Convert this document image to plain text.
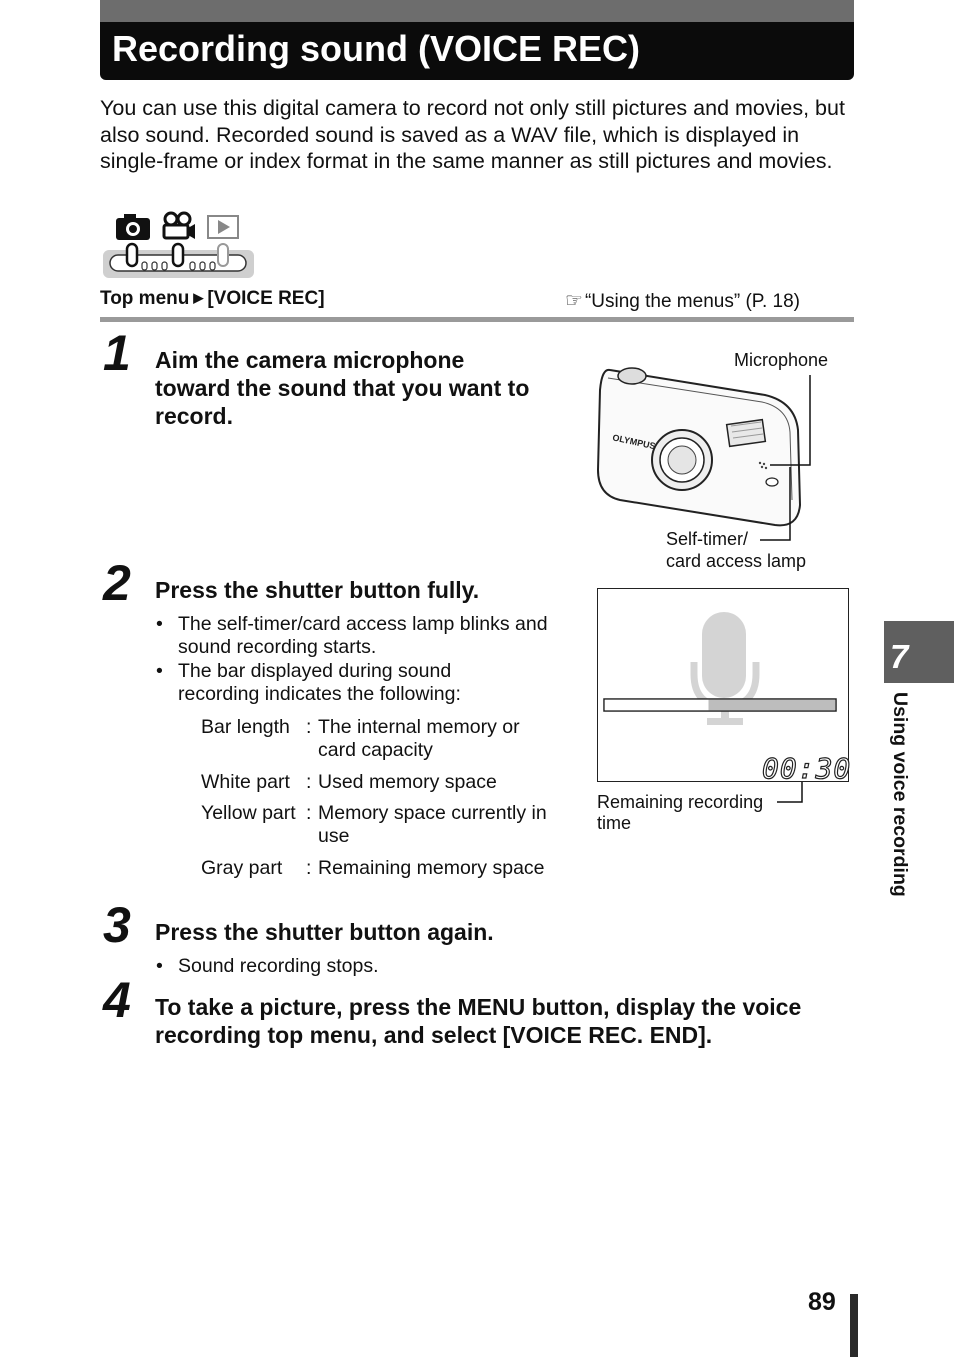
Recording sound (VOICE REC)
You can use this digital camera to record not only still pictures and movies, but also sound. Recorded sound is saved as a WAV file, which is displayed in single-frame or index format in the same manner as still pictures and movies.
Top menu ▶ [VOICE REC]	☞ “Using the menus” (P. 18)
1 Aim the camera microphone toward the sound that you want to record.
OLYMPUS
Microphone
Self-timer/
card access lamp
2 Press the shutter button fully.
• The self-timer/card access lamp blinks and sound recording starts.
• The bar displayed during sound recording indicates the following:
Bar length : The internal memory or card capacity
White part : Used memory space
Yellow part : Memory space currently in use
Gray part : Remaining memory space
00:30
Remaining recording
time
3 Press the shutter button again.
• Sound recording stops.
4 To take a picture, press the MENU button, display the voice recording top menu, and select [VOICE REC. END].
7
Using voice recording
89
